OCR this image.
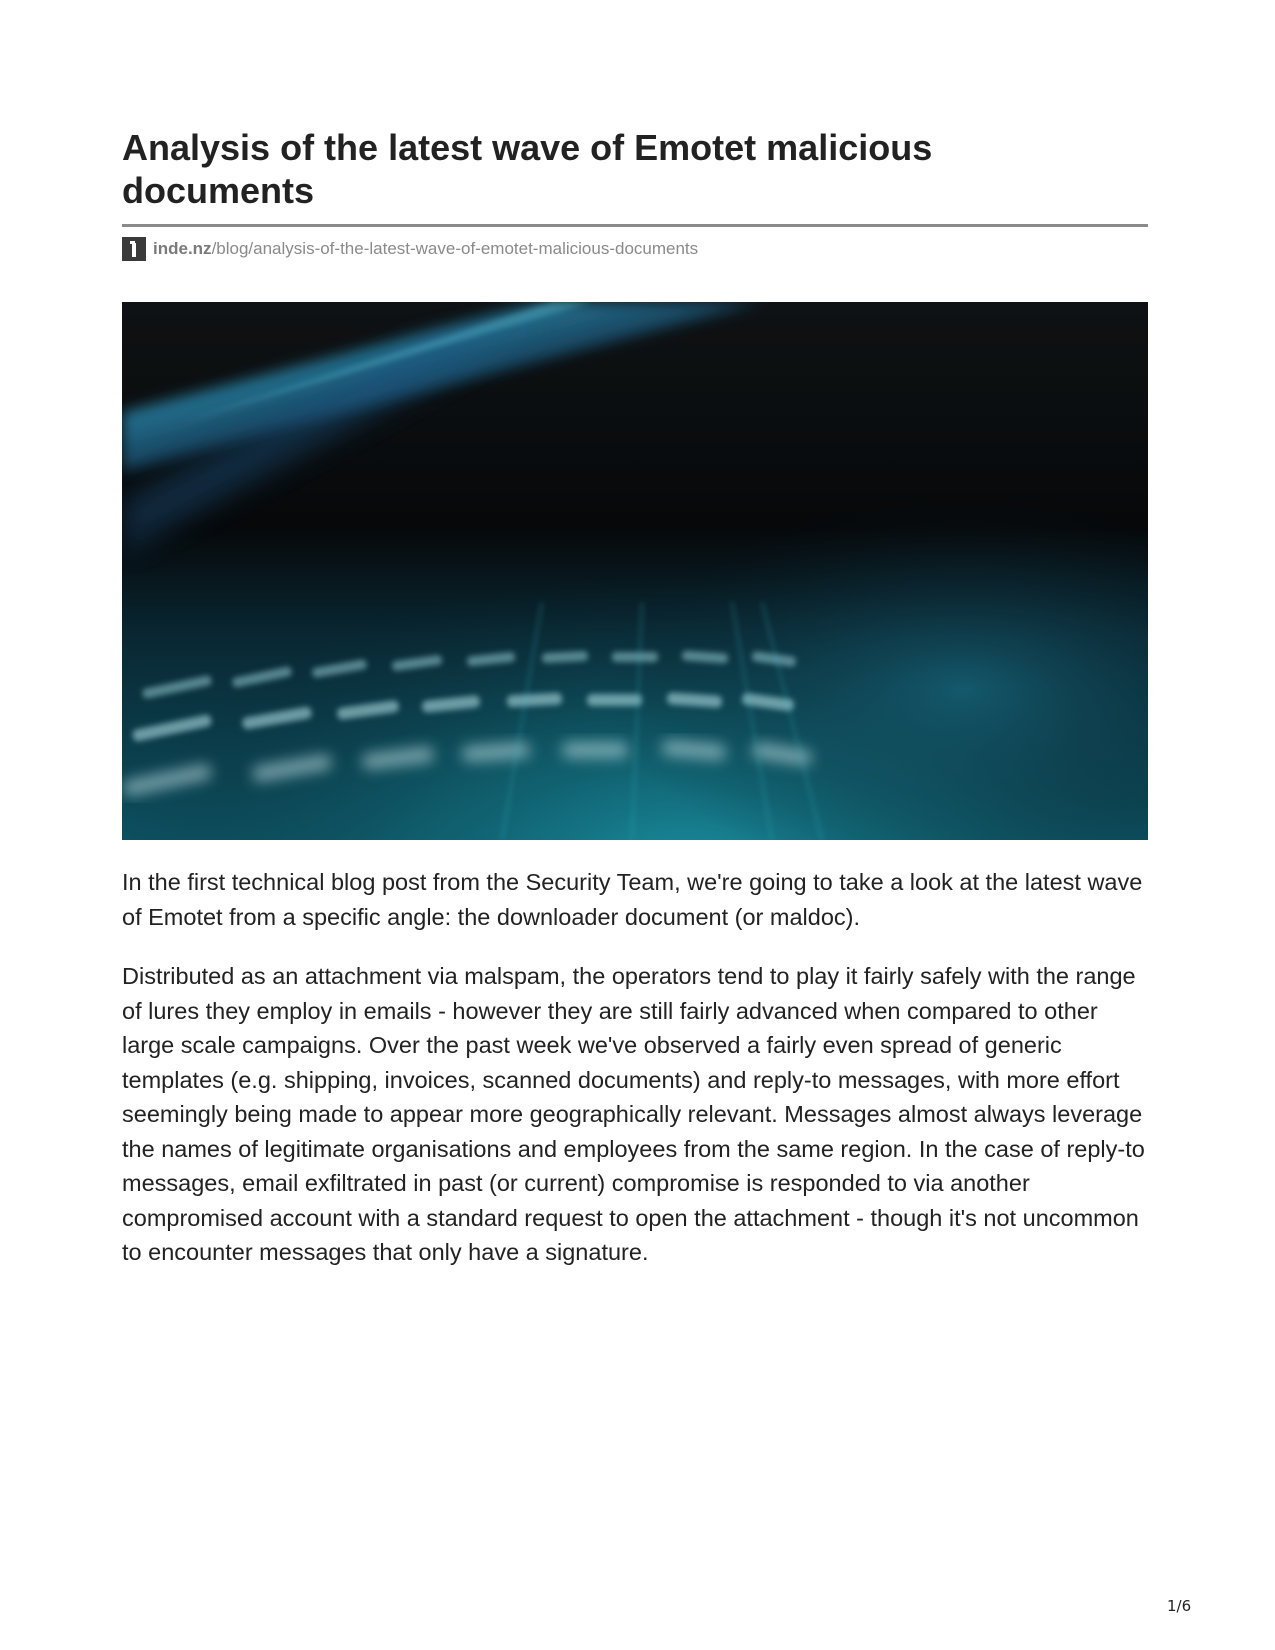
Analysis of the latest wave of Emotet malicious documents
inde.nz/blog/analysis-of-the-latest-wave-of-emotet-malicious-documents

In the first technical blog post from the Security Team, we're going to take a look at the latest wave of Emotet from a specific angle: the downloader document (or maldoc).

Distributed as an attachment via malspam, the operators tend to play it fairly safely with the range of lures they employ in emails - however they are still fairly advanced when compared to other large scale campaigns. Over the past week we've observed a fairly even spread of generic templates (e.g. shipping, invoices, scanned documents) and reply-to messages, with more effort seemingly being made to appear more geographically relevant. Messages almost always leverage the names of legitimate organisations and employees from the same region. In the case of reply-to messages, email exfiltrated in past (or current) compromise is responded to via another compromised account with a standard request to open the attachment - though it's not uncommon to encounter messages that only have a signature.

1/6
